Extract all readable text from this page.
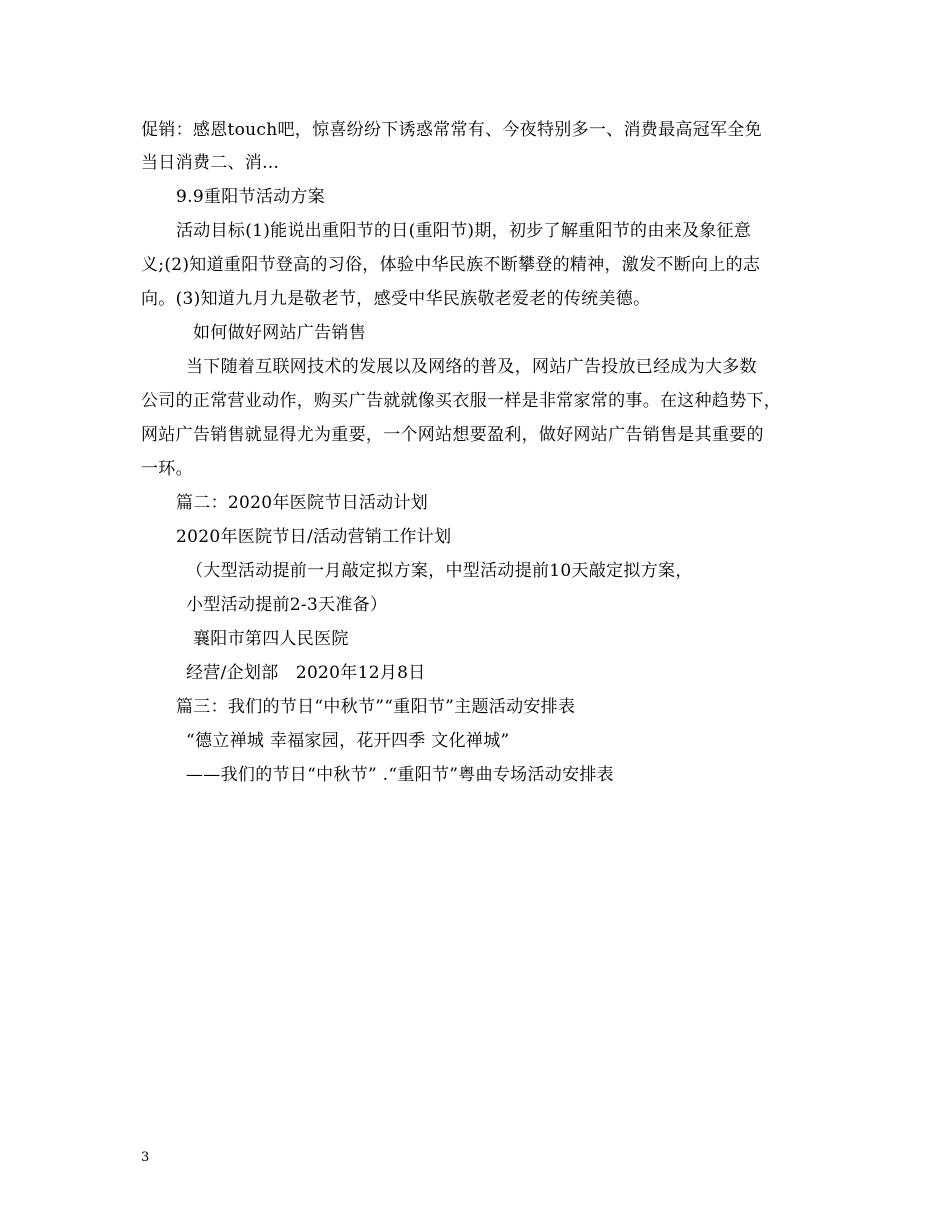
促销：感恩touch吧，惊喜纷纷下诱惑常常有、今夜特别多一、消费最高冠军全免
当日消费二、消...
9.9重阳节活动方案
活动目标(1)能说出重阳节的日(重阳节)期，初步了解重阳节的由来及象征意
义;(2)知道重阳节登高的习俗，体验中华民族不断攀登的精神，激发不断向上的志
向。(3)知道九月九是敬老节，感受中华民族敬老爱老的传统美德。
如何做好网站广告销售
当下随着互联网技术的发展以及网络的普及，网站广告投放已经成为大多数
公司的正常营业动作，购买广告就就像买衣服一样是非常家常的事。在这种趋势下，
网站广告销售就显得尤为重要，一个网站想要盈利，做好网站广告销售是其重要的
一环。
篇二：2020年医院节日活动计划
2020年医院节日/活动营销工作计划
（大型活动提前一月敲定拟方案，中型活动提前10天敲定拟方案，
小型活动提前2-3天准备）
襄阳市第四人民医院
经营/企划部　2020年12月8日
篇三：我们的节日“中秋节”“重阳节”主题活动安排表
“德立禅城 幸福家园，花开四季 文化禅城”
——我们的节日“中秋节” .“重阳节”粤曲专场活动安排表
3
